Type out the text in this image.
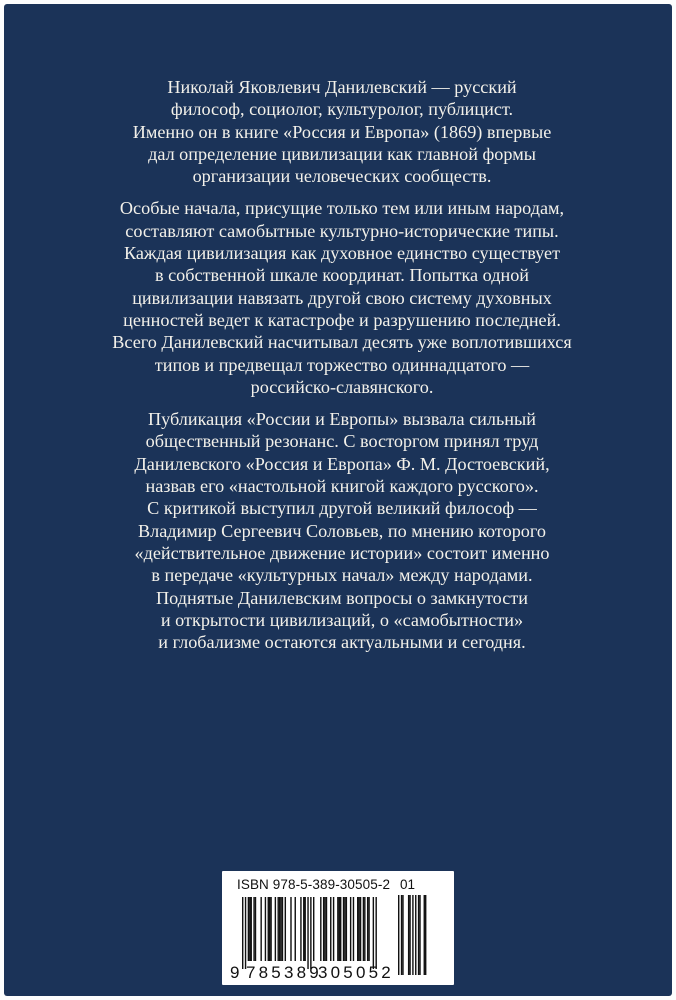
Николай Яковлевич Данилевский — русский
философ, социолог, культуролог, публицист.
Именно он в книге «Россия и Европа» (1869) впервые
дал определение цивилизации как главной формы
организации человеческих сообществ.

Особые начала, присущие только тем или иным народам,
составляют самобытные культурно-исторические типы.
Каждая цивилизация как духовное единство существует
в собственной шкале координат. Попытка одной
цивилизации навязать другой свою систему духовных
ценностей ведет к катастрофе и разрушению последней.
Всего Данилевский насчитывал десять уже воплотившихся
типов и предвещал торжество одиннадцатого —
российско-славянского.

Публикация «России и Европы» вызвала сильный
общественный резонанс. С восторгом принял труд
Данилевского «Россия и Европа» Ф. М. Достоевский,
назвав его «настольной книгой каждого русского».
С критикой выступил другой великий философ —
Владимир Сергеевич Соловьев, по мнению которого
«действительное движение истории» состоит именно
в передаче «культурных начал» между народами.
Поднятые Данилевским вопросы о замкнутости
и открытости цивилизаций, о «самобытности»
и глобализме остаются актуальными и сегодня.

ISBN 978-5-389-30505-2 01
9 785389
305052
